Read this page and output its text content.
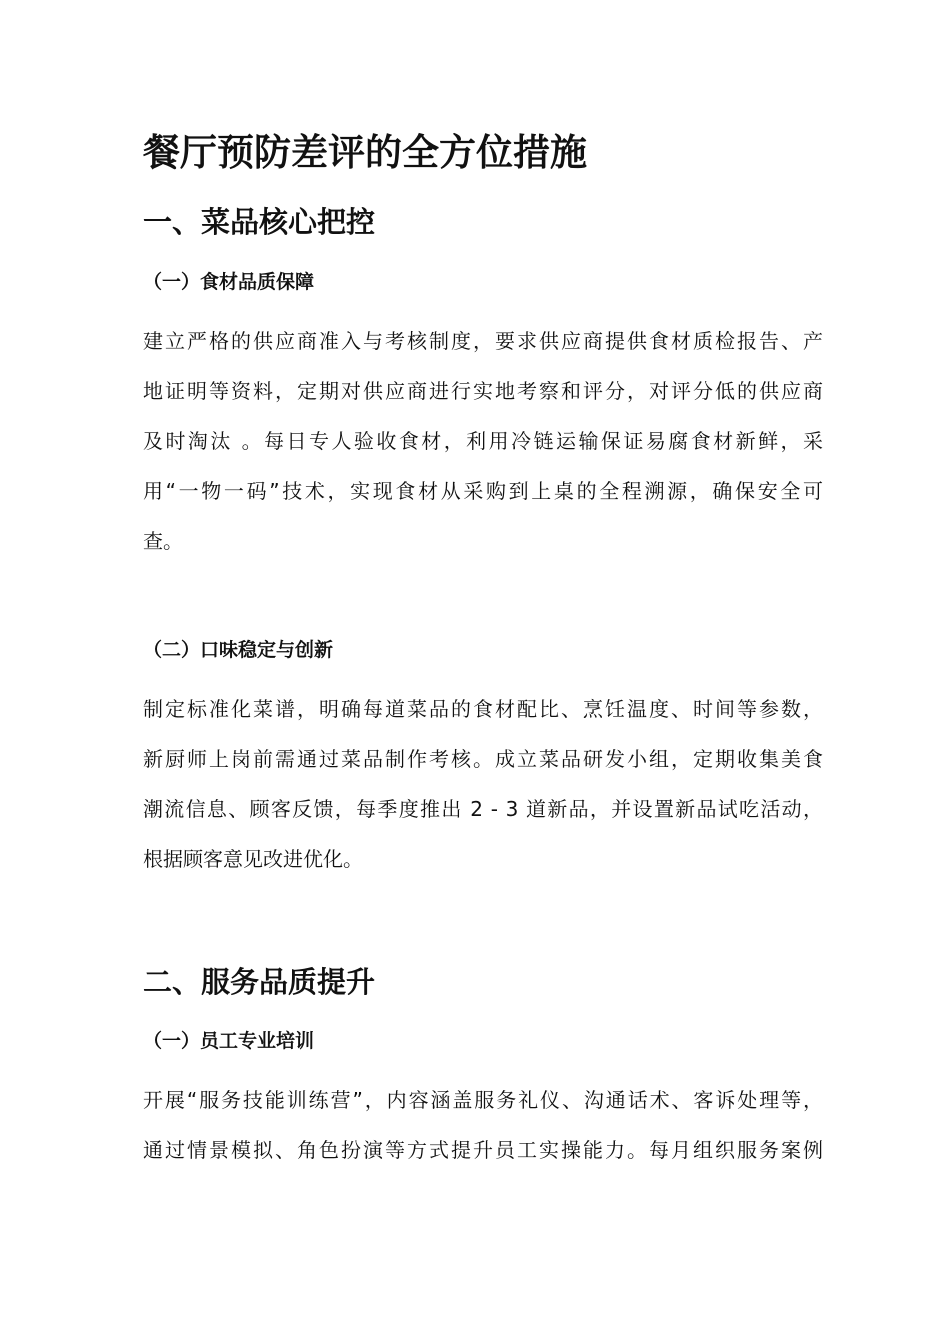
餐厅预防差评的全方位措施
一、菜品核心把控
（一）食材品质保障
建立严格的供应商准入与考核制度，要求供应商提供食材质检报告、产
地证明等资料，定期对供应商进行实地考察和评分，对评分低的供应商
及时淘汰 。每日专人验收食材，利用冷链运输保证易腐食材新鲜，采
用“一物一码”技术，实现食材从采购到上桌的全程溯源，确保安全可
查。
（二）口味稳定与创新
制定标准化菜谱，明确每道菜品的食材配比、烹饪温度、时间等参数，
新厨师上岗前需通过菜品制作考核。成立菜品研发小组，定期收集美食
潮流信息、顾客反馈，每季度推出 2 - 3 道新品，并设置新品试吃活动，
根据顾客意见改进优化。
二、服务品质提升
（一）员工专业培训
开展“服务技能训练营”，内容涵盖服务礼仪、沟通话术、客诉处理等，
通过情景模拟、角色扮演等方式提升员工实操能力。每月组织服务案例
